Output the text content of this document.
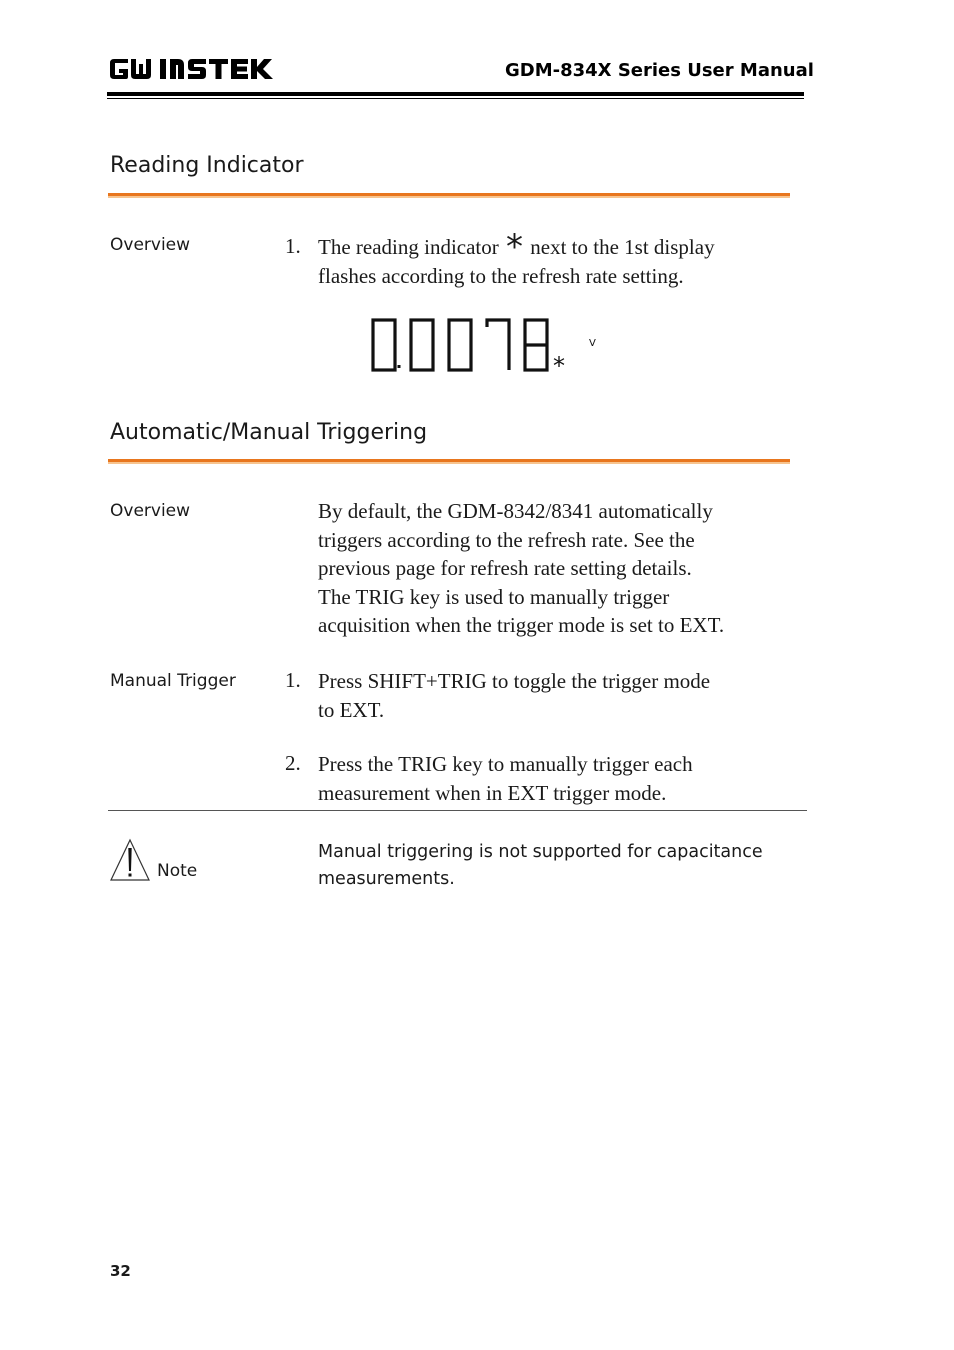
GDM-834X Series User Manual
Reading Indicator
Overview	1. The reading indicator * next to the 1st display
flashes according to the refresh rate setting.
*
V
Automatic/Manual Triggering
Overview	By default, the GDM-8342/8341 automatically
triggers according to the refresh rate. See the
previous page for refresh rate setting details.
The TRIG key is used to manually trigger
acquisition when the trigger mode is set to EXT.
Manual Trigger 1. Press SHIFT+TRIG to toggle the trigger mode
to EXT.
2. Press the TRIG key to manually trigger each
measurement when in EXT trigger mode.
Note
Manual triggering is not supported for capacitance
measurements.
32
